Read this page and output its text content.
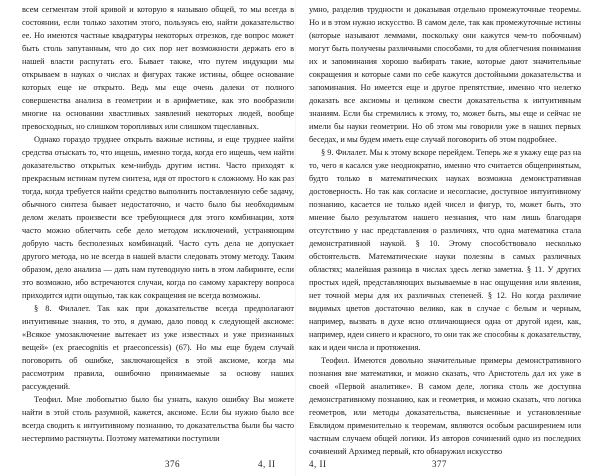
всем сегментам этой кривой и которую я называю общей, то мы всегда в состоянии, если только захотим этого, пользуясь ею, найти доказательство ее. Но имеются частные квадратуры некоторых отрезков, где вопрос может быть столь запутанным, что до сих пор нет возможности держать его в нашей власти распутать его. Бывает также, что путем индукции мы открываем в науках о числах и фигурах также истины, общее основание которых еще не открыто. Ведь мы еще очень далеки от полного совершенства анализа в геометрии и в арифметике, как это вообразили многие на основании хвастливых заявлений некоторых людей, вообще превосходных, но слишком торопливых или слишком тщеславных.

Однако гораздо труднее открыть важные истины, и еще труднее найти средства отыскать то, что ищешь, именно тогда, когда его ищешь, чем найти доказательство открытых кем-нибудь другим истин. Часто приходят к прекрасным истинам путем синтеза, идя от простого к сложному. Но как раз тогда, когда требуется найти средство выполнить поставленную себе задачу, обычного синтеза бывает недостаточно, и часто было бы необходимым делом желать произвести все требующиеся для этого комбинации, хотя часто можно облегчить себе дело методом исключений, устраняющим добрую часть бесполезных комбинаций. Часто суть дела не допускает другого метода, но не всегда в нашей власти следовать этому методу. Таким образом, дело анализа — дать нам путеводную нить в этом лабиринте, если это возможно, ибо встречаются случаи, когда по самому характеру вопроса приходится идти ощупью, так как сокращения не всегда возможны.

§ 8. Филалет. Так как при доказательстве всегда предполагают интуитивные знания, то это, я думаю, дало повод к следующей аксиоме: «Всякое умозаключение вытекает из уже известных и уже признанных вещей» (ex praecognitis et praeconcessis) (67). Но мы еще будем случай поговорить об ошибке, заключающейся в этой аксиоме, когда мы рассмотрим правила, ошибочно принимаемые за основу наших рассуждений.

Теофил. Мне любопытно было бы узнать, какую ошибку Вы можете найти в этой столь разумной, кажется, аксиоме. Если бы нужно было все всегда сводить к интуитивному познанию, то доказательства были бы часто нестерпимо растянуты. Поэтому математики поступили

умно, разделив трудности и доказывая отдельно промежуточные теоремы. Но и в этом нужно искусство. В самом деле, так как промежуточные истины (которые называют леммами, поскольку они кажутся чем-то побочным) могут быть получены различными способами, то для облегчения понимания их и запоминания хорошо выбирать такие, которые дают значительные сокращения и которые сами по себе кажутся достойными доказательства и запоминания. Но имеется еще и другое препятствие, именно что нелегко доказать все аксиомы и целиком свести доказательства к интуитивным знаниям. Если бы стремились к этому, то, может быть, мы еще и сейчас не имели бы науки геометрии. Но об этом мы говорили уже в наших первых беседах, и мы будем иметь еще случай поговорить об этом подробнее.

§ 9. Филалет. Мы к этому вскоре перейдем. Теперь же я укажу еще раз на то, чего я касался уже неоднократно, именно что считается общепринятым, будто только в математических науках возможна демонстративная достоверность. Но так как согласие и несогласие, доступное интуитивному познанию, касается не только идей чисел и фигур, то, может быть, это мнение было результатом нашего незнания, что нам лишь благодаря отсутствию у нас представления о различиях, что одна математика стала демонстративной наукой. § 10. Этому способствовало несколько обстоятельств. Математические науки полезны в самых различных областях; малейшая разница в числах здесь легко заметна. § 11. У других простых идей, представляющих вызываемые в нас ощущения или явления, нет точной меры для их различных степеней. § 12. Но когда различие видимых цветов достаточно велико, как в случае с белым и черным, например, вызвать в духе ясно отличающиеся одна от другой идеи, как, например, идеи синего и красного, то они так же способны к доказательству, как и идеи числа и протяжения.

Теофил. Имеются довольно значительные примеры демонстративного познания вне математики, и можно сказать, что Аристотель дал их уже в своей «Первой аналитике». В самом деле, логика столь же доступна демонстративному познанию, как и геометрия, и можно сказать, что логика геометров, или методы доказательства, выясненные и установленные Евклидом применительно к теоремам, являются особым расширением или частным случаем общей логики. Из авторов сочинений одно из последних сочинений Архимед первый, кто обнаружил искусство

376	4, II	4, II	377
